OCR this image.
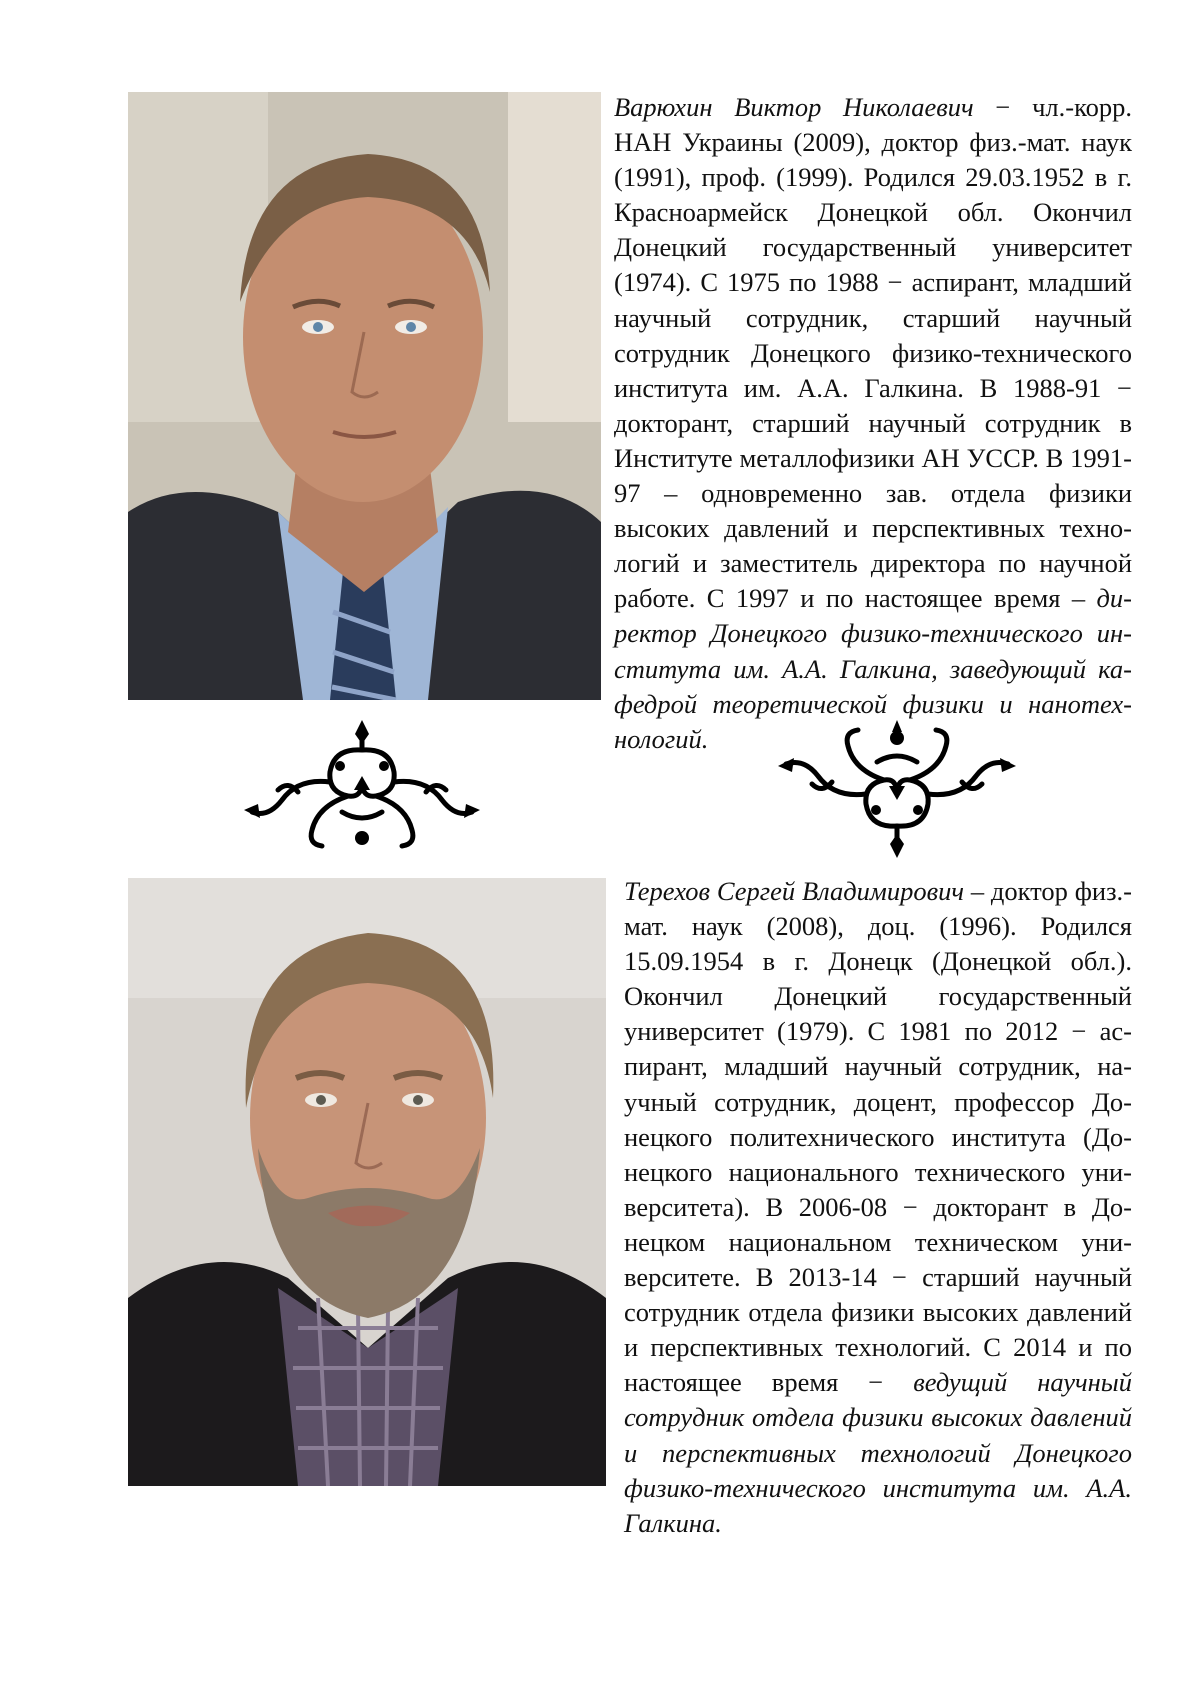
Варюхин Виктор Николаевич − чл.-корр. НАН Украины (2009), доктор физ.-мат. наук (1991), проф. (1999). Родился 29.03.1952 в г. Красноармейск Донецкой обл. Окончил Донецкий государственный университет (1974). С 1975 по 1988 − аспирант, младший научный сотрудник, старший научный сотрудник Донецкого физико-технического института им. А.А. Галкина. В 1988-91 − докторант, старший научный сотрудник в Институте металлофизики АН УССР. В 1991-97 – одновременно зав. отдела физики высоких давлений и перспективных технологий и заместитель директора по научной работе. С 1997 и по настоящее время – директор Донецкого физико-технического института им. А.А. Галкина, заведующий кафедрой теоретической физики и нанотехнологий.

Терехов Сергей Владимирович – доктор физ.-мат. наук (2008), доц. (1996). Родился 15.09.1954 в г. Донецк (Донецкой обл.). Окончил Донецкий государственный университет (1979). С 1981 по 2012 − аспирант, младший научный сотрудник, научный сотрудник, доцент, профессор Донецкого политехнического института (Донецкого национального технического университета). В 2006-08 − докторант в Донецком национальном техническом университете. В 2013-14 − старший научный сотрудник отдела физики высоких давлений и перспективных технологий. С 2014 и по настоящее время − ведущий научный сотрудник отдела физики высоких давлений и перспективных технологий Донецкого физико-технического института им. А.А. Галкина.
